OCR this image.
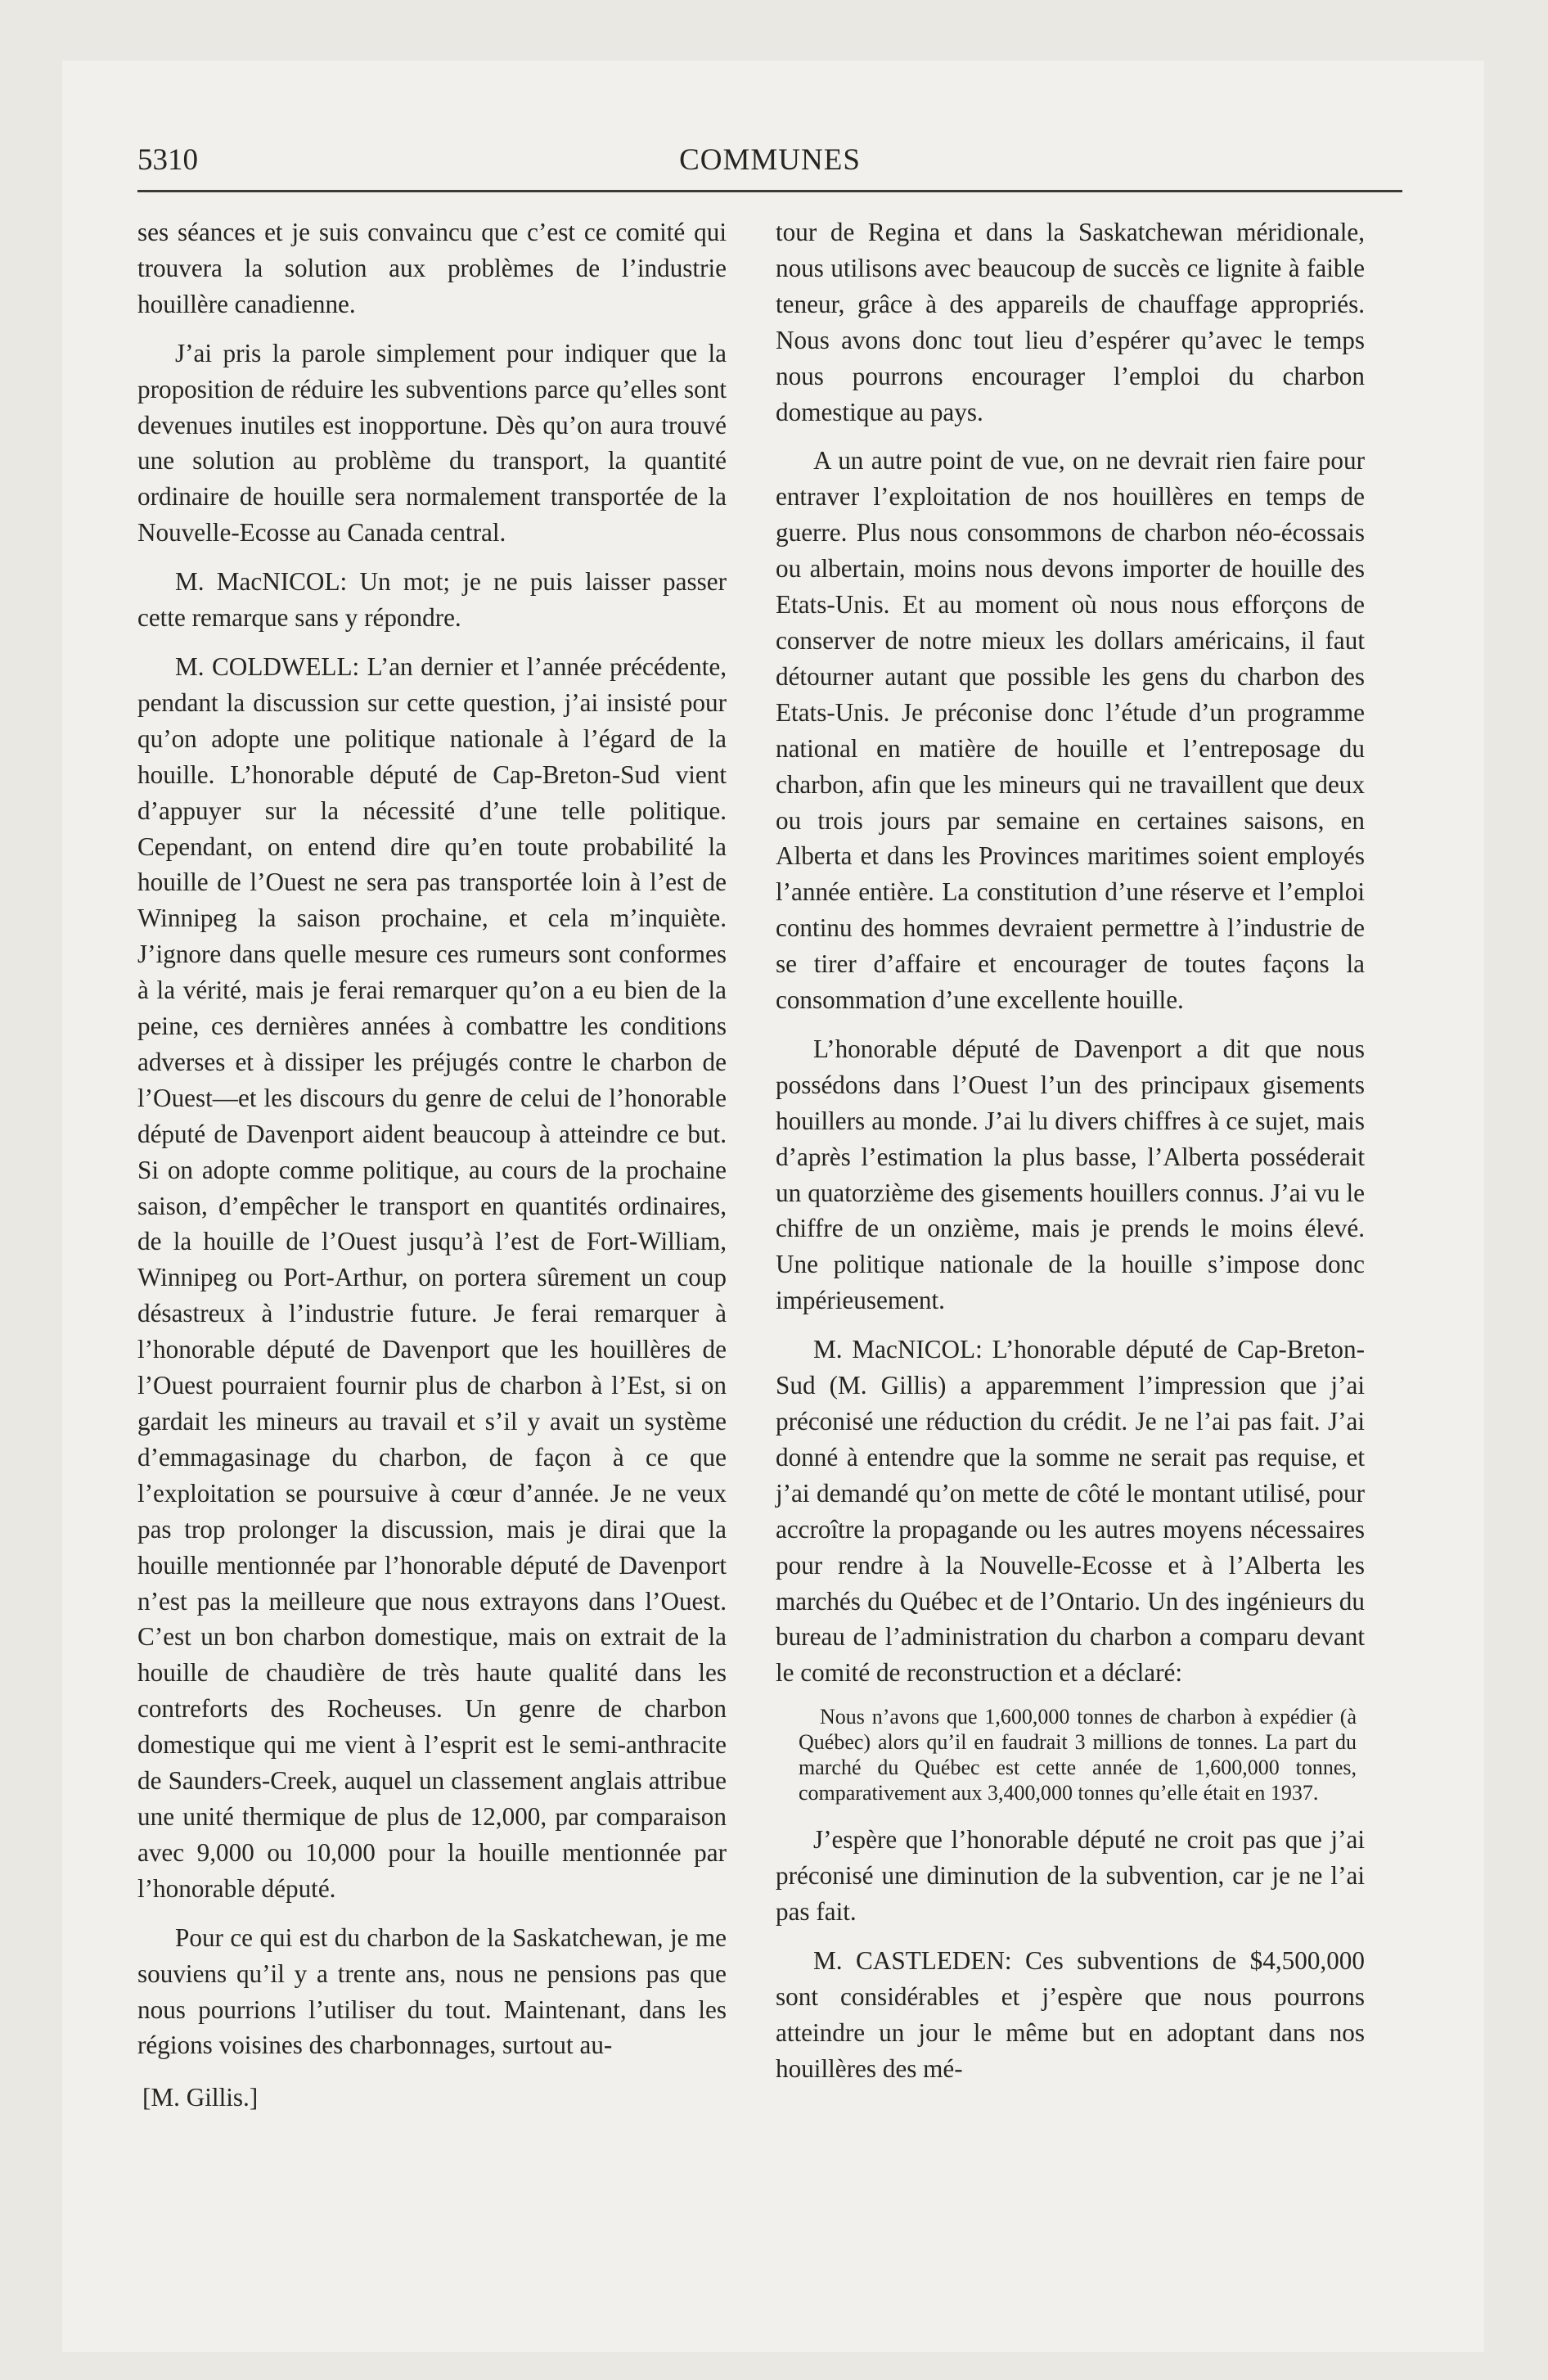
5310	COMMUNES

ses séances et je suis convaincu que c’est ce comité qui trouvera la solution aux problèmes de l’industrie houillère canadienne.

J’ai pris la parole simplement pour indiquer que la proposition de réduire les subventions parce qu’elles sont devenues inutiles est inopportune. Dès qu’on aura trouvé une solution au problème du transport, la quantité ordinaire de houille sera normalement transportée de la Nouvelle-Ecosse au Canada central.

M. MacNICOL: Un mot; je ne puis laisser passer cette remarque sans y répondre.

M. COLDWELL: L’an dernier et l’année précédente, pendant la discussion sur cette question, j’ai insisté pour qu’on adopte une politique nationale à l’égard de la houille. L’honorable député de Cap-Breton-Sud vient d’appuyer sur la nécessité d’une telle politique. Cependant, on entend dire qu’en toute probabilité la houille de l’Ouest ne sera pas transportée loin à l’est de Winnipeg la saison prochaine, et cela m’inquiète. J’ignore dans quelle mesure ces rumeurs sont conformes à la vérité, mais je ferai remarquer qu’on a eu bien de la peine, ces dernières années à combattre les conditions adverses et à dissiper les préjugés contre le charbon de l’Ouest—et les discours du genre de celui de l’honorable député de Davenport aident beaucoup à atteindre ce but. Si on adopte comme politique, au cours de la prochaine saison, d’empêcher le transport en quantités ordinaires, de la houille de l’Ouest jusqu’à l’est de Fort-William, Winnipeg ou Port-Arthur, on portera sûrement un coup désastreux à l’industrie future. Je ferai remarquer à l’honorable député de Davenport que les houillères de l’Ouest pourraient fournir plus de charbon à l’Est, si on gardait les mineurs au travail et s’il y avait un système d’emmagasinage du charbon, de façon à ce que l’exploitation se poursuive à cœur d’année. Je ne veux pas trop prolonger la discussion, mais je dirai que la houille mentionnée par l’honorable député de Davenport n’est pas la meilleure que nous extrayons dans l’Ouest. C’est un bon charbon domestique, mais on extrait de la houille de chaudière de très haute qualité dans les contreforts des Rocheuses. Un genre de charbon domestique qui me vient à l’esprit est le semi-anthracite de Saunders-Creek, auquel un classement anglais attribue une unité thermique de plus de 12,000, par comparaison avec 9,000 ou 10,000 pour la houille mentionnée par l’honorable député.

Pour ce qui est du charbon de la Saskatchewan, je me souviens qu’il y a trente ans, nous ne pensions pas que nous pourrions l’utiliser du tout. Maintenant, dans les régions voisines des charbonnages, surtout au-

[M. Gillis.]

tour de Regina et dans la Saskatchewan méridionale, nous utilisons avec beaucoup de succès ce lignite à faible teneur, grâce à des appareils de chauffage appropriés. Nous avons donc tout lieu d’espérer qu’avec le temps nous pourrons encourager l’emploi du charbon domestique au pays.

A un autre point de vue, on ne devrait rien faire pour entraver l’exploitation de nos houillères en temps de guerre. Plus nous consommons de charbon néo-écossais ou albertain, moins nous devons importer de houille des Etats-Unis. Et au moment où nous nous efforçons de conserver de notre mieux les dollars américains, il faut détourner autant que possible les gens du charbon des Etats-Unis. Je préconise donc l’étude d’un programme national en matière de houille et l’entreposage du charbon, afin que les mineurs qui ne travaillent que deux ou trois jours par semaine en certaines saisons, en Alberta et dans les Provinces maritimes soient employés l’année entière. La constitution d’une réserve et l’emploi continu des hommes devraient permettre à l’industrie de se tirer d’affaire et encourager de toutes façons la consommation d’une excellente houille.

L’honorable député de Davenport a dit que nous possédons dans l’Ouest l’un des principaux gisements houillers au monde. J’ai lu divers chiffres à ce sujet, mais d’après l’estimation la plus basse, l’Alberta posséderait un quatorzième des gisements houillers connus. J’ai vu le chiffre de un onzième, mais je prends le moins élevé. Une politique nationale de la houille s’impose donc impérieusement.

M. MacNICOL: L’honorable député de Cap-Breton-Sud (M. Gillis) a apparemment l’impression que j’ai préconisé une réduction du crédit. Je ne l’ai pas fait. J’ai donné à entendre que la somme ne serait pas requise, et j’ai demandé qu’on mette de côté le montant utilisé, pour accroître la propagande ou les autres moyens nécessaires pour rendre à la Nouvelle-Ecosse et à l’Alberta les marchés du Québec et de l’Ontario. Un des ingénieurs du bureau de l’administration du charbon a comparu devant le comité de reconstruction et a déclaré:

Nous n’avons que 1,600,000 tonnes de charbon à expédier (à Québec) alors qu’il en faudrait 3 millions de tonnes. La part du marché du Québec est cette année de 1,600,000 tonnes, comparativement aux 3,400,000 tonnes qu’elle était en 1937.

J’espère que l’honorable député ne croit pas que j’ai préconisé une diminution de la subvention, car je ne l’ai pas fait.

M. CASTLEDEN: Ces subventions de $4,500,000 sont considérables et j’espère que nous pourrons atteindre un jour le même but en adoptant dans nos houillères des mé-
